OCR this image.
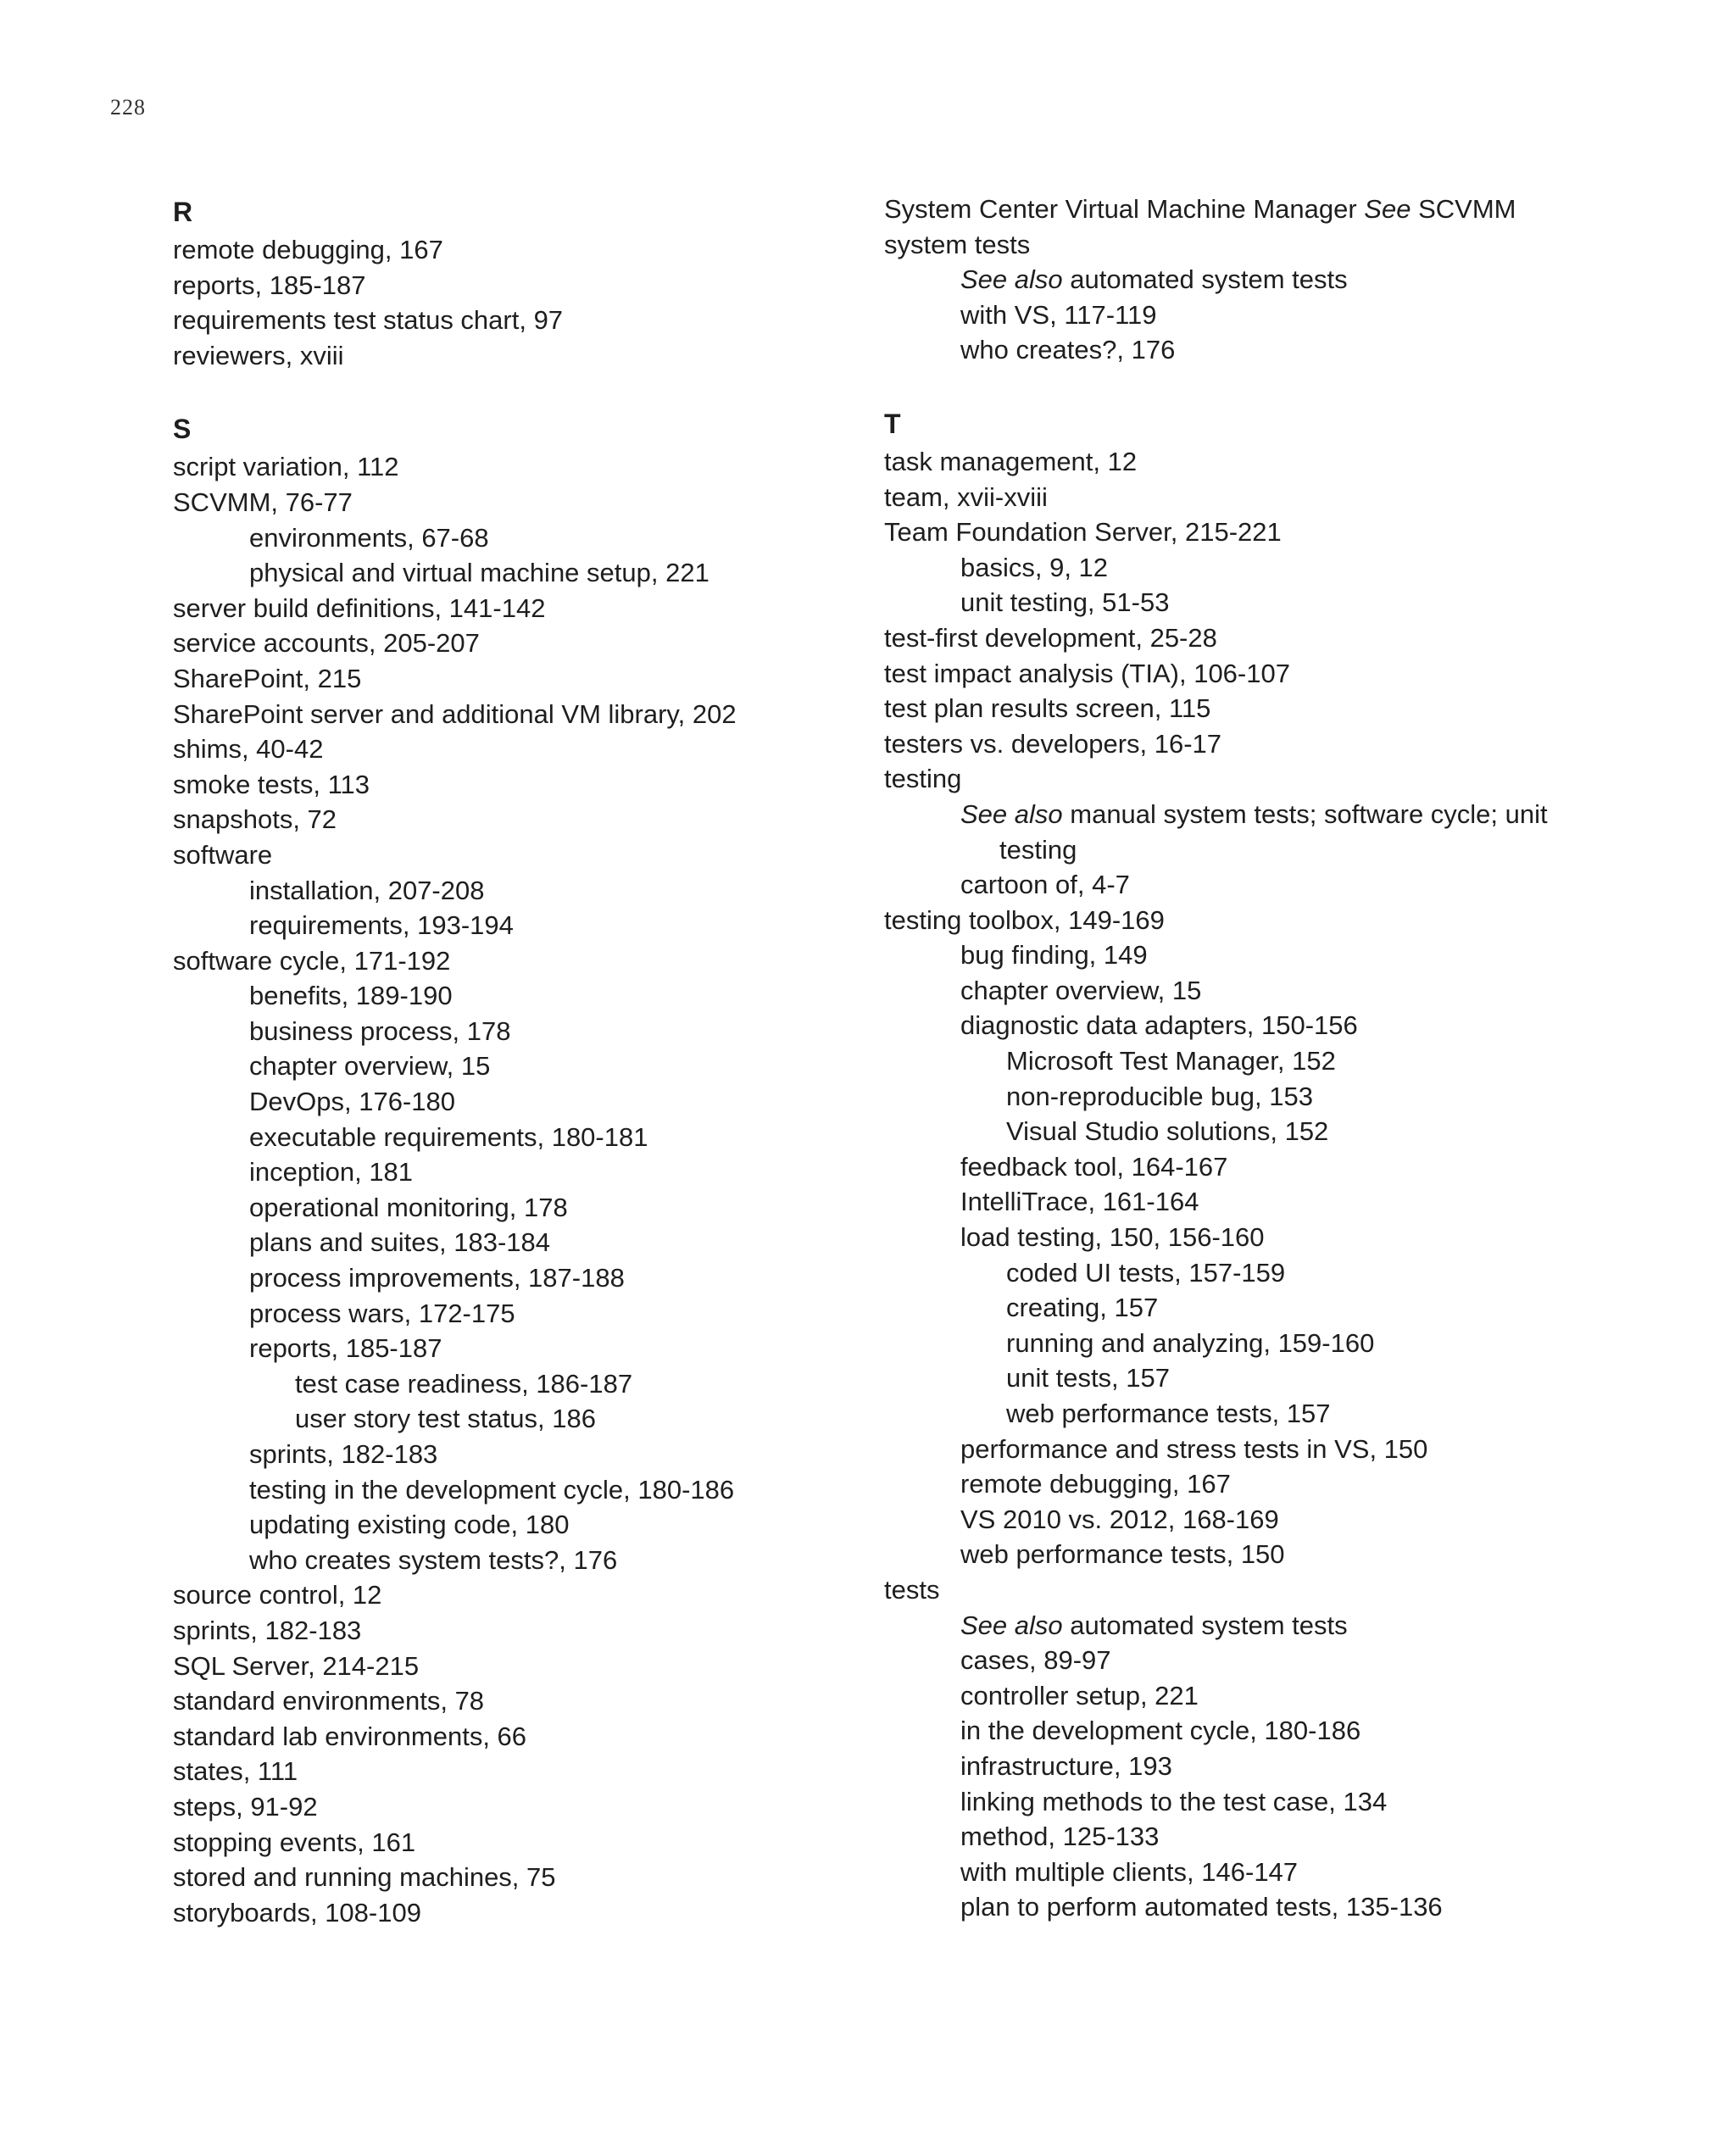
228
R
remote debugging, 167
reports, 185-187
requirements test status chart, 97
reviewers, xviii
S
script variation, 112
SCVMM, 76-77
environments, 67-68
physical and virtual machine setup, 221
server build definitions, 141-142
service accounts, 205-207
SharePoint, 215
SharePoint server and additional VM library, 202
shims, 40-42
smoke tests, 113
snapshots, 72
software
installation, 207-208
requirements, 193-194
software cycle, 171-192
benefits, 189-190
business process, 178
chapter overview, 15
DevOps, 176-180
executable requirements, 180-181
inception, 181
operational monitoring, 178
plans and suites, 183-184
process improvements, 187-188
process wars, 172-175
reports, 185-187
test case readiness, 186-187
user story test status, 186
sprints, 182-183
testing in the development cycle, 180-186
updating existing code, 180
who creates system tests?, 176
source control, 12
sprints, 182-183
SQL Server, 214-215
standard environments, 78
standard lab environments, 66
states, 111
steps, 91-92
stopping events, 161
stored and running machines, 75
storyboards, 108-109
System Center Virtual Machine Manager See SCVMM
system tests
See also automated system tests
with VS, 117-119
who creates?, 176
T
task management, 12
team, xvii-xviii
Team Foundation Server, 215-221
basics, 9, 12
unit testing, 51-53
test-first development, 25-28
test impact analysis (TIA), 106-107
test plan results screen, 115
testers vs. developers, 16-17
testing
See also manual system tests; software cycle; unit
testing
cartoon of, 4-7
testing toolbox, 149-169
bug finding, 149
chapter overview, 15
diagnostic data adapters, 150-156
Microsoft Test Manager, 152
non-reproducible bug, 153
Visual Studio solutions, 152
feedback tool, 164-167
IntelliTrace, 161-164
load testing, 150, 156-160
coded UI tests, 157-159
creating, 157
running and analyzing, 159-160
unit tests, 157
web performance tests, 157
performance and stress tests in VS, 150
remote debugging, 167
VS 2010 vs. 2012, 168-169
web performance tests, 150
tests
See also automated system tests
cases, 89-97
controller setup, 221
in the development cycle, 180-186
infrastructure, 193
linking methods to the test case, 134
method, 125-133
with multiple clients, 146-147
plan to perform automated tests, 135-136
